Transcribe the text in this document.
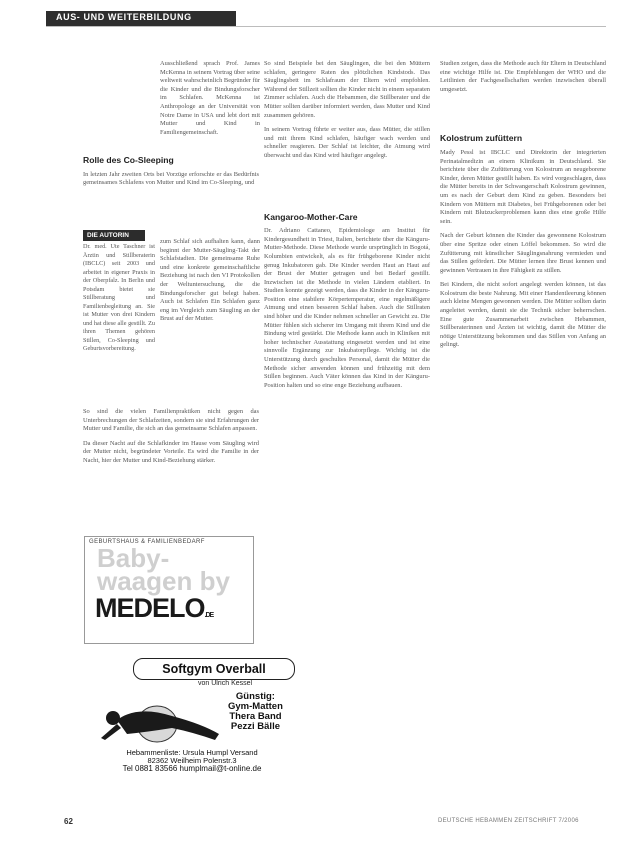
AUS- UND WEITERBILDUNG

Ausschließend sprach Prof. James McKenna in seinem Vortrag über seine weltweit wahrscheinlich Begründer für die Kinder und die Bindungsforscher im Schlafen. McKenna ist Anthropologe an der Universität von Notre Dame in USA und lebt dort mit Mutter und Kind in Familiengemeinschaft.

Rolle des Co-Sleeping

In letzten Jahr zweiten Orts bei Vorzüge erforschte er das Bedürfnis gemeinsames Schlafens von Mutter und Kind im Co-Sleeping, und

zum Schlaf sich aufhalten kann, dann beginnt der Mutter-Säugling-Takt der Schlafstadien. Die gemeinsame Ruhe und eine konkrete gemeinschaftliche Beziehung ist nach den VI Protokollen der Weltuntersuchung, die die Bindungsforscher gut belegt haben. Auch ist Schlafen Ein Schlafen ganz eng im Vergleich zum Säugling an der Brust auf der Mutter.

So sind die vielen Familienpraktiken nicht gegen das Unterbrechungen der Schlafzeiten, sondern sie sind Erfahrungen der Mutter und Familie, die sich an das gemeinsame Schlafen anpassen.

Da dieser Nacht auf die Schlafkinder im Hause vom Säugling wird der Mutter nicht, begründeter Vorteile. Es wird die Familie in der Nacht, hier der Mutter und Kind-Beziehung stärker.

DIE AUTORIN
Dr. med. Ute Taschner ist Ärztin und Stillberaterin (IBCLC) seit 2003 und arbeitet in eigener Praxis in der Oberpfalz. In Berlin und Potsdam bietet sie Stillberatung und Familienbegleitung an. Sie ist Mutter von drei Kindern und hat diese alle gestillt. Zu ihren Themen gehören Stillen, Co-Sleeping und Geburtsvorbereitung.
GEBURTSHAUS & FAMILIENBEDARF
Baby-
waagen by
MEDELO.DE
Softgym Overball
von Ulrich Kessel
Günstig:
Gym-Matten
Thera Band
Pezzi Bälle
Hebammenliste: Ursula Humpl Versand
82362 Weilheim Polenstr.3
Tel 0881 83566 humplmail@t-online.de

So sind Beispiele bei den Säuglingen, die bei den Müttern schlafen, geringere Raten des plötzlichen Kindstods. Das Säuglingsbett im Schlafraum der Eltern wird empfohlen. Während der Stillzeit sollten die Kinder nicht in einem separaten Zimmer schlafen. Auch die Hebammen, die Stillberater und die Mütter sollten darüber informiert werden, dass Mutter und Kind zusammen gehören.

In seinem Vortrag führte er weiter aus, dass Mütter, die stillen und mit ihrem Kind schlafen, häufiger wach werden und schneller reagieren. Der Schlaf ist leichter, die Atmung wird überwacht und das Kind wird häufiger angelegt.

Kangaroo-Mother-Care

Dr. Adriano Cattaneo, Epidemiologe am Institut für Kindergesundheit in Triest, Italien, berichtete über die Känguru-Mutter-Methode. Diese Methode wurde ursprünglich in Bogotá, Kolumbien entwickelt, als es für frühgeborene Kinder nicht genug Inkubatoren gab. Die Kinder werden Haut an Haut auf der Brust der Mutter getragen und bei Bedarf gestillt. Inzwischen ist die Methode in vielen Ländern etabliert. In Studien konnte gezeigt werden, dass die Kinder in der Känguru-Position eine stabilere Körpertemperatur, eine regelmäßigere Atmung und einen besseren Schlaf haben. Auch die Stillraten sind höher und die Kinder nehmen schneller an Gewicht zu. Die Mütter fühlen sich sicherer im Umgang mit ihrem Kind und die Bindung wird gestärkt. Die Methode kann auch in Kliniken mit hoher technischer Ausstattung eingesetzt werden und ist eine sinnvolle Ergänzung zur Inkubatorpflege. Wichtig ist die Unterstützung durch geschultes Personal, damit die Mütter die Methode sicher anwenden können und frühzeitig mit dem Stillen beginnen. Auch Väter können das Kind in der Känguru-Position halten und so eine enge Beziehung aufbauen.

Studien zeigen, dass die Methode auch für Eltern in Deutschland eine wichtige Hilfe ist. Die Empfehlungen der WHO und die Leitlinien der Fachgesellschaften werden inzwischen überall umgesetzt.

Kolostrum zufüttern

Mady Pessl ist IBCLC und Direktorin der integrierten Perinatalmedizin an einem Klinikum in Deutschland. Sie berichtete über die Zufütterung von Kolostrum an neugeborene Kinder, deren Mütter gestillt haben. Es wird vorgeschlagen, dass die Mütter bereits in der Schwangerschaft Kolostrum gewinnen, um es nach der Geburt dem Kind zu geben. Besonders bei Kindern von Müttern mit Diabetes, bei Frühgeborenen oder bei Kindern mit Blutzuckerproblemen kann dies eine große Hilfe sein.

Nach der Geburt können die Kinder das gewonnene Kolostrum über eine Spritze oder einen Löffel bekommen. So wird die Zufütterung mit künstlicher Säuglingsnahrung vermieden und das Stillen gefördert. Die Mütter lernen ihre Brust kennen und gewinnen Vertrauen in ihre Fähigkeit zu stillen.

Bei Kindern, die nicht sofort angelegt werden können, ist das Kolostrum die beste Nahrung. Mit einer Handentleerung können auch kleine Mengen gewonnen werden. Die Mütter sollten darin angeleitet werden, damit sie die Technik sicher beherrschen. Eine gute Zusammenarbeit zwischen Hebammen, Stillberaterinnen und Ärzten ist wichtig, damit die Mütter die nötige Unterstützung bekommen und das Stillen von Anfang an gelingt.

62	DEUTSCHE HEBAMMEN ZEITSCHRIFT 7/2006
